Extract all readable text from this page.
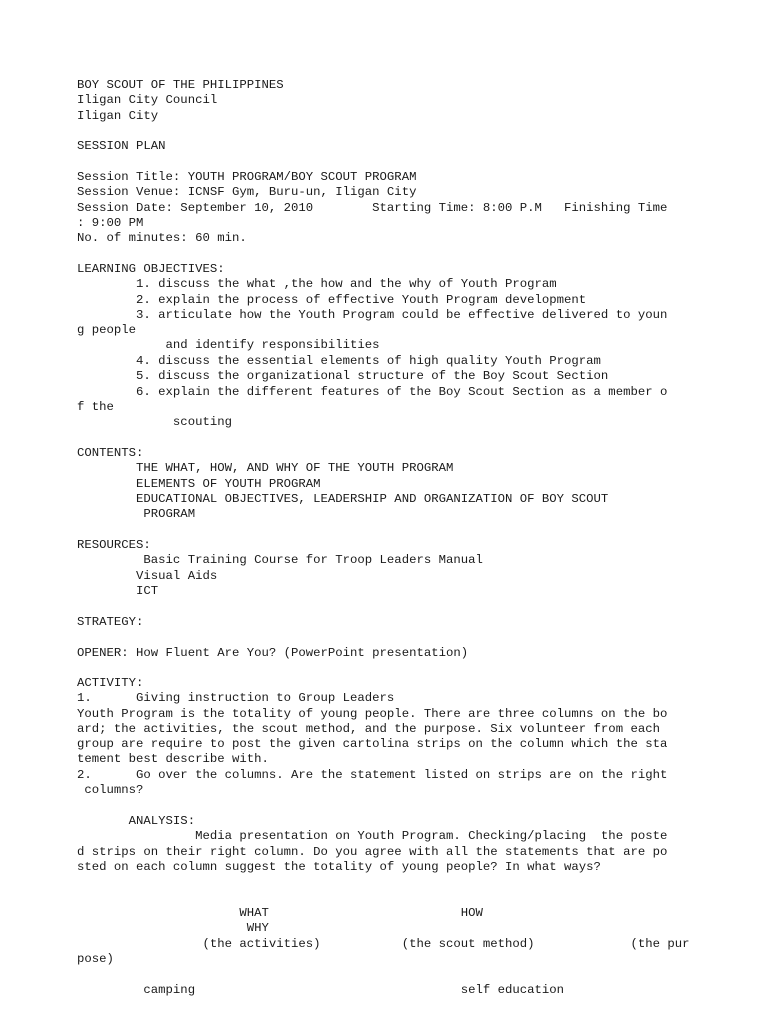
BOY SCOUT OF THE PHILIPPINES
Iligan City Council
Iligan City
SESSION PLAN
Session Title: YOUTH PROGRAM/BOY SCOUT PROGRAM
Session Venue: ICNSF Gym, Buru-un, Iligan City
Session Date: September 10, 2010        Starting Time: 8:00 P.M   Finishing Time
: 9:00 PM
No. of minutes: 60 min.
LEARNING OBJECTIVES:
1. discuss the what ,the how and the why of Youth Program
2. explain the process of effective Youth Program development
3. articulate how the Youth Program could be effective delivered to youn
g people
and identify responsibilities
4. discuss the essential elements of high quality Youth Program
5. discuss the organizational structure of the Boy Scout Section
6. explain the different features of the Boy Scout Section as a member o
f the
scouting
CONTENTS:
THE WHAT, HOW, AND WHY OF THE YOUTH PROGRAM
ELEMENTS OF YOUTH PROGRAM
EDUCATIONAL OBJECTIVES, LEADERSHIP AND ORGANIZATION OF BOY SCOUT
PROGRAM
RESOURCES:
Basic Training Course for Troop Leaders Manual
Visual Aids
ICT
STRATEGY:
OPENER: How Fluent Are You? (PowerPoint presentation)
ACTIVITY:
1.      Giving instruction to Group Leaders
Youth Program is the totality of young people. There are three columns on the bo
ard; the activities, the scout method, and the purpose. Six volunteer from each
group are require to post the given cartolina strips on the column which the sta
tement best describe with.
2.      Go over the columns. Are the statement listed on strips are on the right
columns?
ANALYSIS:
Media presentation on Youth Program. Checking/placing  the poste
d strips on their right column. Do you agree with all the statements that are po
sted on each column suggest the totality of young people? In what ways?
WHAT                          HOW
WHY
(the activities)           (the scout method)             (the pur
pose)
camping                                    self education
